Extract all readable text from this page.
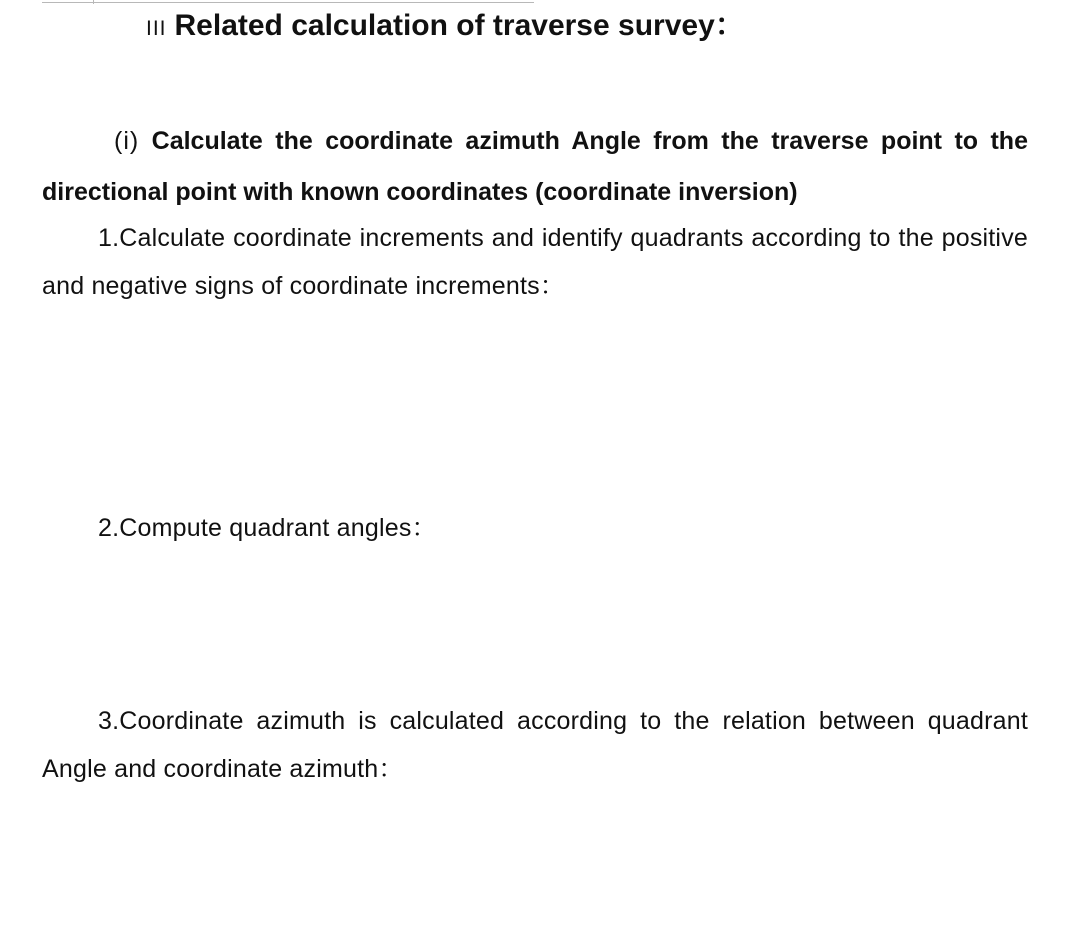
III Related calculation of traverse survey：
(i) Calculate the coordinate azimuth Angle from the traverse point to the directional point with known coordinates (coordinate inversion)
1.Calculate coordinate increments and identify quadrants according to the positive and negative signs of coordinate increments：
2.Compute quadrant angles：
3.Coordinate azimuth is calculated according to the relation between quadrant Angle and coordinate azimuth：
